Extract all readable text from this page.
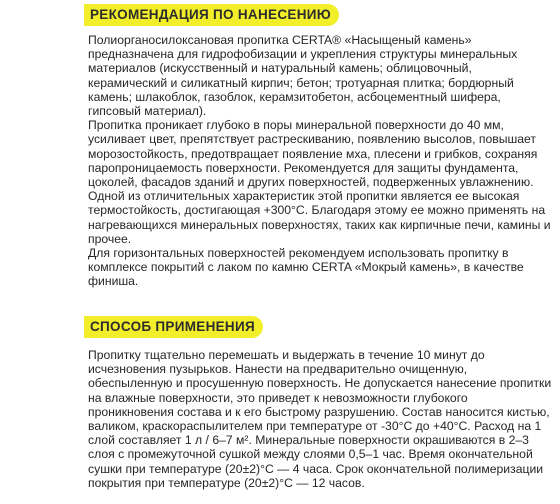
РЕКОМЕНДАЦИЯ ПО НАНЕСЕНИЮ

Полиорганосилоксановая пропитка CERTA® «Насыщеный камень» предназначена для гидрофобизации и укрепления структуры минеральных материалов (искусственный и натуральный камень; облицовочный, керамический и силикатный кирпич; бетон; тротуарная плитка; бордюрный камень; шлакоблок, газоблок, керамзитобетон, асбоцементный шифера, гипсовый материал).

Пропитка проникает глубоко в поры минеральной поверхности до 40 мм, усиливает цвет, препятствует растрескиванию, появлению высолов, повышает морозостойкость, предотвращает появление мха, плесени и грибков, сохраняя паропроницаемость поверхности. Рекомендуется для защиты фундамента, цоколей, фасадов зданий и других поверхностей, подверженных увлажнению. Одной из отличительных характеристик этой пропитки является ее высокая термостойкость, достигающая +300°С. Благодаря этому ее можно применять на нагревающихся минеральных поверхностях, таких как кирпичные печи, камины и прочее.

Для горизонтальных поверхностей рекомендуем использовать пропитку в комплексе покрытий с лаком по камню CERTA «Мокрый камень», в качестве финиша.

СПОСОБ ПРИМЕНЕНИЯ

Пропитку тщательно перемешать и выдержать в течение 10 минут до исчезновения пузырьков. Нанести на предварительно очищенную, обеспыленную и просушенную поверхность. Не допускается нанесение пропитки на влажные поверхности, это приведет к невозможности глубокого проникновения состава и к его быстрому разрушению. Состав наносится кистью, валиком, краскораспылителем при температуре от -30°С до +40°С. Расход на 1 слой составляет 1 л / 6–7 м². Минеральные поверхности окрашиваются в 2–3 слоя с промежуточной сушкой между слоями 0,5–1 час. Время окончательной сушки при температуре (20±2)°С — 4 часа. Срок окончательной полимеризации покрытия при температуре (20±2)°С — 12 часов.
